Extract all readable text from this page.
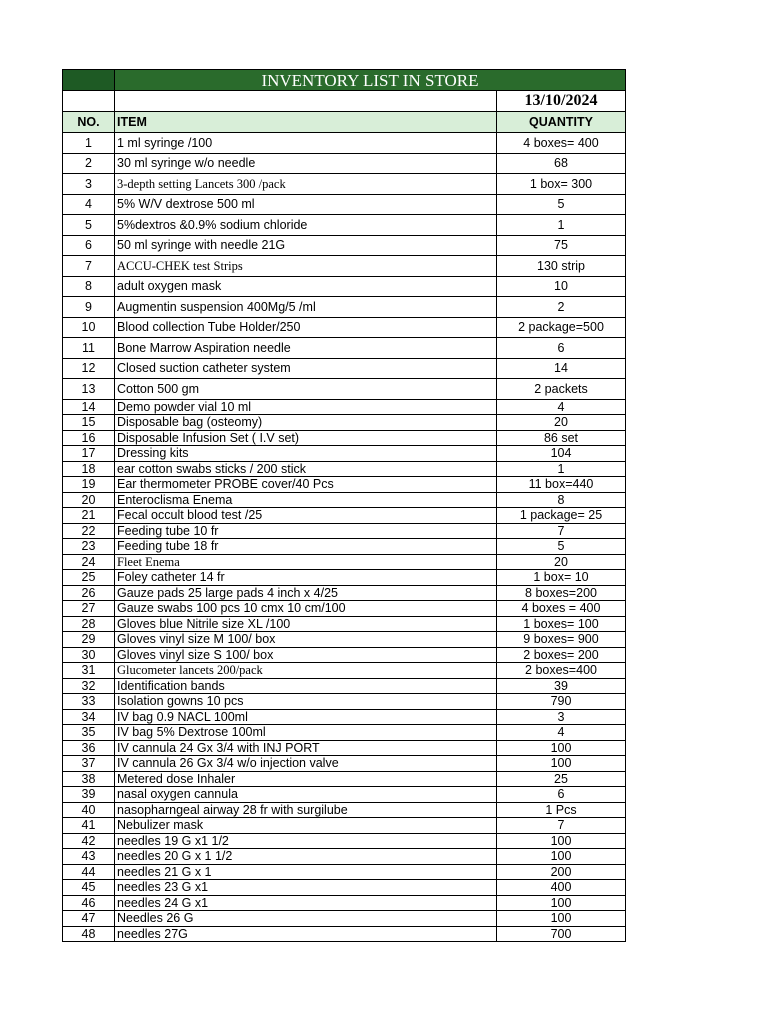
	INVENTORY LIST IN STORE	
		13/10/2024
NO.	ITEM	QUANTITY
1	1 ml syringe /100	4 boxes= 400
2	30 ml syringe w/o needle	68
3	3-depth setting Lancets 300 /pack	1 box= 300
4	5% W/V dextrose 500 ml	5
5	5%dextros &0.9% sodium chloride	1
6	50 ml syringe with needle 21G	75
7	ACCU-CHEK test Strips	130 strip
8	adult oxygen mask	10
9	Augmentin suspension 400Mg/5 /ml	2
10	Blood collection Tube Holder/250	2 package=500
11	Bone Marrow Aspiration needle	6
12	Closed suction catheter system	14
13	Cotton 500 gm	2 packets
14	Demo powder vial 10 ml	4
15	Disposable bag (osteomy)	20
16	Disposable Infusion Set ( I.V set)	86 set
17	Dressing kits	104
18	ear cotton swabs sticks / 200 stick	1
19	Ear thermometer PROBE cover/40 Pcs	11 box=440
20	Enteroclisma Enema	8
21	Fecal occult blood test /25	1 package= 25
22	Feeding tube 10 fr	7
23	Feeding tube 18 fr	5
24	Fleet Enema	20
25	Foley catheter 14 fr	1 box= 10
26	Gauze pads 25 large pads 4 inch x 4/25	8 boxes=200
27	Gauze swabs 100 pcs 10 cmx 10 cm/100	4 boxes = 400
28	Gloves blue Nitrile size XL /100	1 boxes= 100
29	Gloves vinyl size M 100/ box	9 boxes= 900
30	Gloves vinyl size S 100/ box	2 boxes= 200
31	Glucometer lancets 200/pack	2 boxes=400
32	Identification bands	39
33	Isolation gowns 10 pcs	790
34	IV bag 0.9 NACL 100ml	3
35	IV bag 5% Dextrose 100ml	4
36	IV cannula 24 Gx 3/4 with INJ PORT	100
37	IV cannula 26 Gx 3/4 w/o injection valve	100
38	Metered dose Inhaler	25
39	nasal oxygen cannula	6
40	nasopharngeal airway 28 fr with surgilube	1 Pcs
41	Nebulizer mask	7
42	needles 19 G x1 1/2	100
43	needles 20 G x 1 1/2	100
44	needles 21 G x 1	200
45	needles 23 G x1	400
46	needles 24 G x1	100
47	Needles 26 G	100
48	needles 27G	700
